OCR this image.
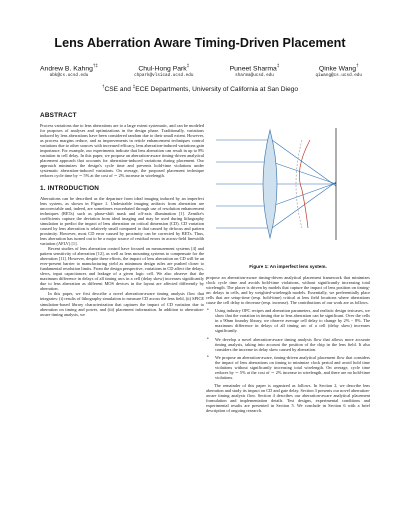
Lens Aberration Aware Timing-Driven Placement
Andrew B. Kahng†‡
abk@cs.ucsd.edu
Chul-Hong Park‡
chpark@vlsicad.ucsd.edu
Puneet Sharma‡
sharma@ucsd.edu
Qinke Wang†
qiwang@cs.ucsd.edu
†CSE and ‡ECE Departments, University of California at San Diego
ABSTRACT

Process variations due to lens aberrations are to a large extent systematic, and can be modeled for purposes of analyses and optimizations in the design phase. Traditionally, variations induced by lens aberrations have been considered random due to their small extent. However, as process margins reduce, and as improvements in reticle enhancement techniques control variations due to other sources with increased efficacy, lens aberration-induced variations gain importance. For example, our experiments indicate that lens aberration can result in up to 8% variation in cell delay. In this paper, we propose an aberration-aware timing-driven analytical placement approach that accounts for aberration-induced variations during placement. Our approach minimizes the design's cycle time and prevents hold-time violations under systematic aberration-induced variations. On average, the proposed placement technique reduces cycle time by ∼ 5% at the cost of ∼ 2% increase in wirelength.

1. INTRODUCTION

Aberrations can be described as the departure from ideal imaging induced by an imperfect lens system, as shown in Figure 1. Undesirable imaging artifacts from aberration are uncorrectable and, indeed, are sometimes exacerbated through use of resolution enhancement techniques (RETs) such as phase-shift mask and off-axis illumination [1]. Zernike's coefficients capture the deviation from ideal imaging and may be used during lithography simulation to predict the impact of lens aberration on critical dimension (CD). CD variation caused by lens aberration is relatively small compared to that caused by defocus and pattern proximity. However, most CD error caused by proximity can be corrected by RETs. Thus, lens aberration has turned out to be a major source of residual errors in across-field linewidth variation (AFLV) [1].

Recent studies of lens aberration control have focused on measurement systems [4] and pattern sensitivity of aberration [12], as well as lens mounting systems to compensate for the aberration [11]. However, despite these efforts, the impact of lens aberration on CD will be an ever-present barrier to manufacturing yield as minimum design rules are pushed closer to fundamental resolution limits. From the design perspective, variations in CD affect the delays, slews, input capacitances and leakage of a given logic cell. We also observe that the maximum difference in delays of all timing arcs in a cell (delay skew) increases significantly due to lens aberration as different MOS devices in the layout are affected differently by aberration.

In this paper, we first describe a novel aberration-aware timing analysis flow that integrates: (i) results of lithography simulation to measure CD across the lens field, (ii) SPICE simulation-based library characterization that captures the impact of CD variation due to aberration on timing and power, and (iii) placement information. In addition to aberration-aware timing analysis, we

Figure 1: An imperfect lens system.

propose an aberration-aware timing-driven analytical placement framework that minimizes clock cycle time and avoids hold-time violations, without significantly increasing total wirelength. The placer is driven by models that capture the impact of lens position on timing-arc delays in cells, and by weighted-wirelength models. Essentially, we preferentially place cells that are setup-time (resp. hold-time) critical at lens field locations where aberrations cause the cell delay to decrease (resp. increase). The contributions of our work are as follows.

• Using industry OPC recipes and aberration parameters, and realistic design testcases, we show that the variation in timing due to lens aberration can be significant. Over the cells in a 90nm foundry library, we observe average cell delay to change by 2% − 8%. The maximum difference in delays of all timing arc of a cell (delay skew) increases significantly.
• We develop a novel aberration-aware timing analysis flow that allows more accurate timing analysis, taking into account the position of the chip in the lens field. It also considers the increase in delay skew caused by aberration.
• We propose an aberration-aware, timing-driven analytical placement flow that considers the impact of lens aberrations on timing to minimize clock period and avoid hold time violations without significantly increasing total wirelength. On average, cycle time reduces by ∼ 5% at the cost of ∼ 2% increase in wirelength, and there are no hold-time violations.

The remainder of this paper is organized as follows. In Section 2, we describe lens aberration and study its impact on CD and gate delay. Section 3 presents our novel aberration-aware timing analysis flow. Section 4 describes our aberration-aware analytical placement formulation and implementation details. Test designs, experimental conditions and experimental results are presented in Section 5. We conclude in Section 6 with a brief description of ongoing research.
